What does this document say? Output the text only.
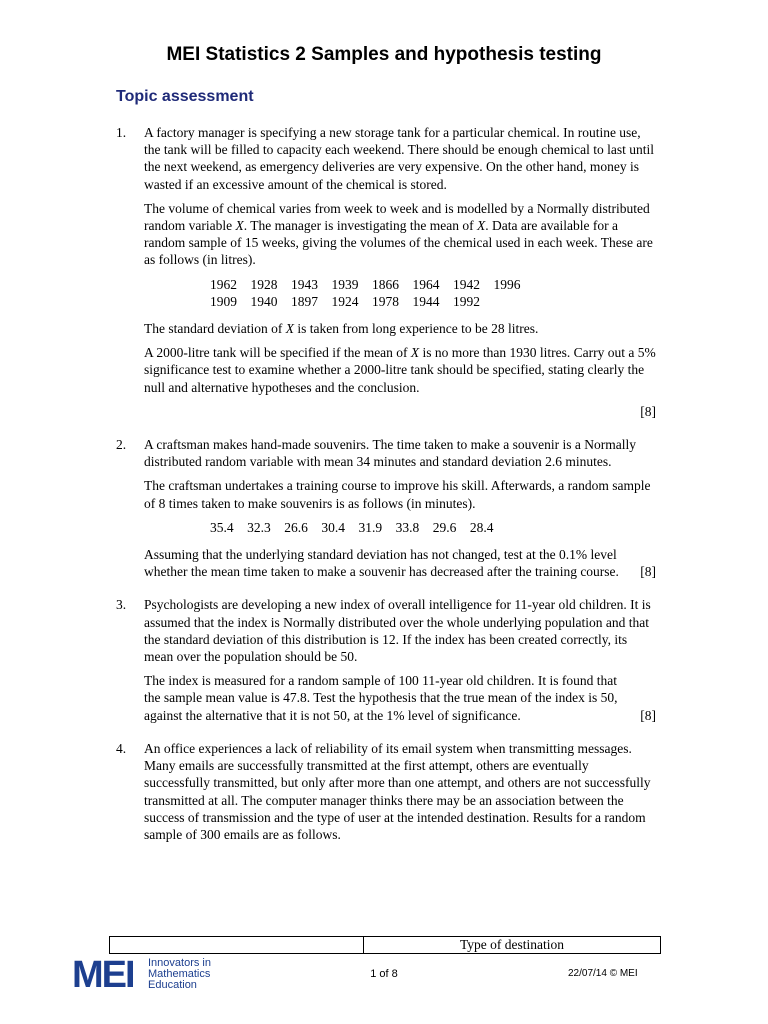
MEI Statistics 2 Samples and hypothesis testing
Topic assessment
1. A factory manager is specifying a new storage tank for a particular chemical. In routine use, the tank will be filled to capacity each weekend. There should be enough chemical to last until the next weekend, as emergency deliveries are very expensive. On the other hand, money is wasted if an excessive amount of the chemical is stored.

The volume of chemical varies from week to week and is modelled by a Normally distributed random variable X. The manager is investigating the mean of X. Data are available for a random sample of 15 weeks, giving the volumes of the chemical used in each week. These are as follows (in litres).

1962    1928    1943    1939    1866    1964    1942    1996
1909    1940    1897    1924    1978    1944    1992

The standard deviation of X is taken from long experience to be 28 litres.

A 2000-litre tank will be specified if the mean of X is no more than 1930 litres. Carry out a 5% significance test to examine whether a 2000-litre tank should be specified, stating clearly the null and alternative hypotheses and the conclusion.

[8]
2. A craftsman makes hand-made souvenirs. The time taken to make a souvenir is a Normally distributed random variable with mean 34 minutes and standard deviation 2.6 minutes.

The craftsman undertakes a training course to improve his skill. Afterwards, a random sample of 8 times taken to make souvenirs is as follows (in minutes).

35.4    32.3    26.6    30.4    31.9    33.8    29.6    28.4

Assuming that the underlying standard deviation has not changed, test at the 0.1% level whether the mean time taken to make a souvenir has decreased after the training course. [8]

3. Psychologists are developing a new index of overall intelligence for 11-year old children. It is assumed that the index is Normally distributed over the whole underlying population and that the standard deviation of this distribution is 12. If the index has been created correctly, its mean over the population should be 50.

The index is measured for a random sample of 100 11-year old children. It is found that the sample mean value is 47.8. Test the hypothesis that the true mean of the index is 50, against the alternative that it is not 50, at the 1% level of significance.	[8]

4. An office experiences a lack of reliability of its email system when transmitting messages. Many emails are successfully transmitted at the first attempt, others are eventually successfully transmitted, but only after more than one attempt, and others are not successfully transmitted at all. The computer manager thinks there may be an association between the success of transmission and the type of user at the intended destination. Results for a random sample of 300 emails are as follows.

	Type of destination
MEI Innovators in
Mathematics
Education
1 of 8	22/07/14 © MEI
